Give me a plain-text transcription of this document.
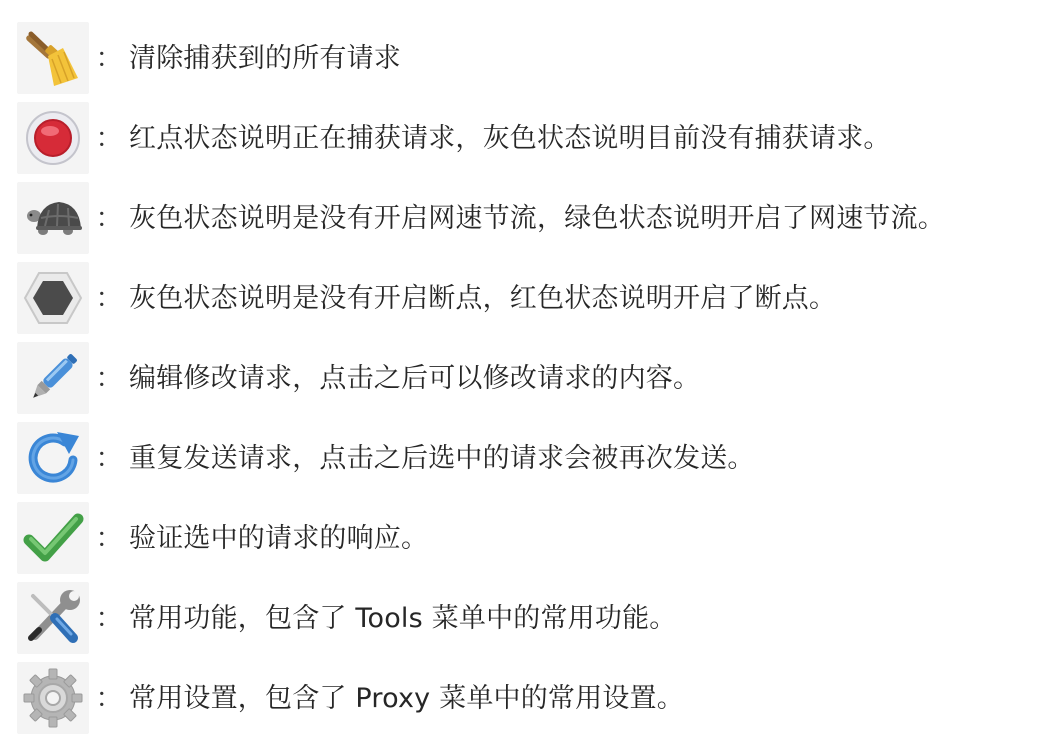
： 清除捕获到的所有请求
： 红点状态说明正在捕获请求，灰色状态说明目前没有捕获请求。
： 灰色状态说明是没有开启网速节流，绿色状态说明开启了网速节流。
： 灰色状态说明是没有开启断点，红色状态说明开启了断点。
： 编辑修改请求，点击之后可以修改请求的内容。
： 重复发送请求，点击之后选中的请求会被再次发送。
： 验证选中的请求的响应。
： 常用功能，包含了 Tools 菜单中的常用功能。
： 常用设置，包含了 Proxy 菜单中的常用设置。
